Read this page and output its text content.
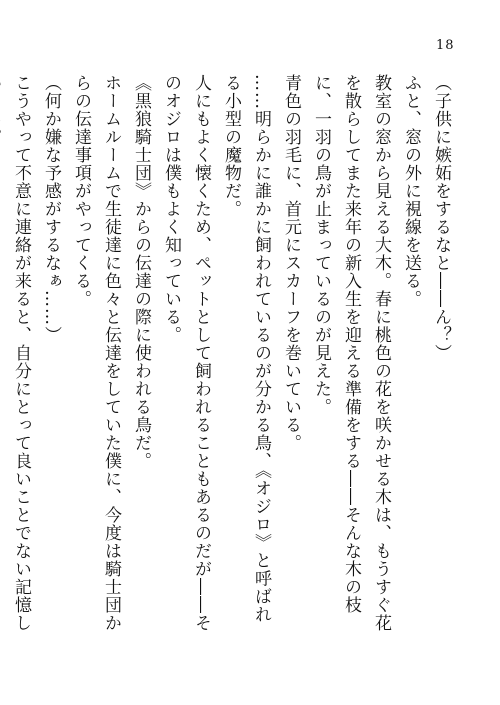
18

（子供に嫉妬をするなと――ん？）

ふと、窓の外に視線を送る。

教室の窓から見える大木。春に桃色の花を咲かせる木は、もうすぐ花を散らしてまた来年の新入生を迎える準備をする――そんな木の枝に、一羽の鳥が止まっているのが見えた。

青色の羽毛に、首元にスカーフを巻いている。

……明らかに誰かに飼われているのが分かる鳥、《オジロ》と呼ばれる小型の魔物だ。

人にもよく懐くため、ペットとして飼われることもあるのだが――そのオジロは僕もよく知っている。

《黒狼騎士団》からの伝達の際に使われる鳥だ。

ホームルームで生徒達に色々と伝達をしていた僕に、今度は騎士団からの伝達事項がやってくる。

（何か嫌な予感がするなぁ……）

こうやって不意に連絡が来ると、自分にとって良いことでない記憶し
